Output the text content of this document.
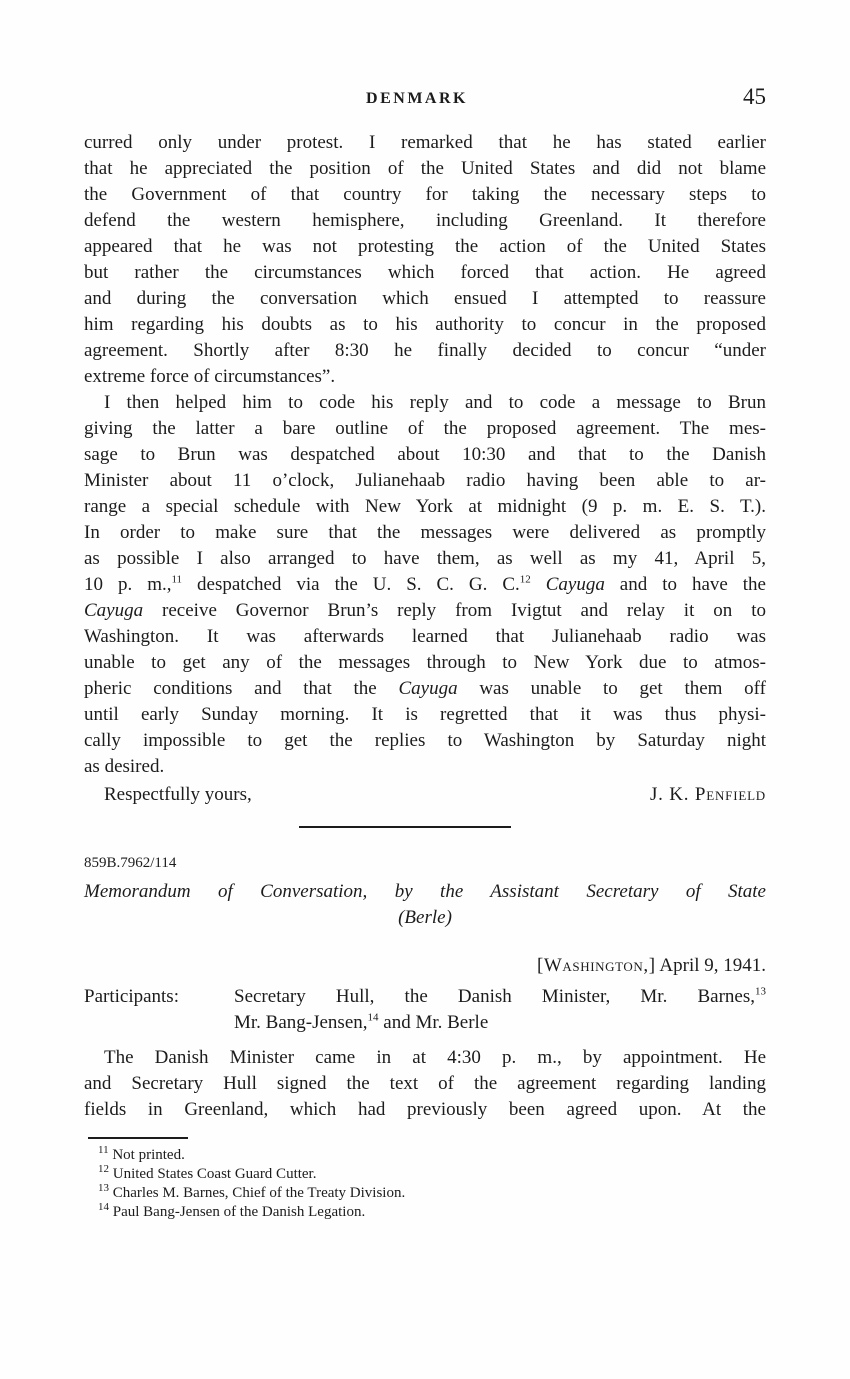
DENMARK	45
curred only under protest. I remarked that he has stated earlier
that he appreciated the position of the United States and did not blame
the Government of that country for taking the necessary steps to
defend the western hemisphere, including Greenland. It therefore
appeared that he was not protesting the action of the United States
but rather the circumstances which forced that action. He agreed
and during the conversation which ensued I attempted to reassure
him regarding his doubts as to his authority to concur in the proposed
agreement. Shortly after 8:30 he finally decided to concur “under
extreme force of circumstances”.
I then helped him to code his reply and to code a message to Brun
giving the latter a bare outline of the proposed agreement. The mes-
sage to Brun was despatched about 10:30 and that to the Danish
Minister about 11 o’clock, Julianehaab radio having been able to ar-
range a special schedule with New York at midnight (9 p. m. E. S. T.).
In order to make sure that the messages were delivered as promptly
as possible I also arranged to have them, as well as my 41, April 5,
10 p. m.,$^{11}$ despatched via the U. S. C. G. C.$^{12}$ Cayuga and to have the
Cayuga receive Governor Brun’s reply from Ivigtut and relay it on to
Washington. It was afterwards learned that Julianehaab radio was
unable to get any of the messages through to New York due to atmos-
pheric conditions and that the Cayuga was unable to get them off
until early Sunday morning. It is regretted that it was thus physi-
cally impossible to get the replies to Washington by Saturday night
as desired.
Respectfully yours,	J. K. Penfield
859B.7962/114
Memorandum of Conversation, by the Assistant Secretary of State
(Berle)
[Washington,] April 9, 1941.
Participants:	Secretary Hull, the Danish Minister, Mr. Barnes,$^{13}$
Mr. Bang-Jensen,$^{14}$ and Mr. Berle
The Danish Minister came in at 4:30 p. m., by appointment. He
and Secretary Hull signed the text of the agreement regarding landing
fields in Greenland, which had previously been agreed upon. At the
$^{11}$ Not printed.
$^{12}$ United States Coast Guard Cutter.
$^{13}$ Charles M. Barnes, Chief of the Treaty Division.
$^{14}$ Paul Bang-Jensen of the Danish Legation.
